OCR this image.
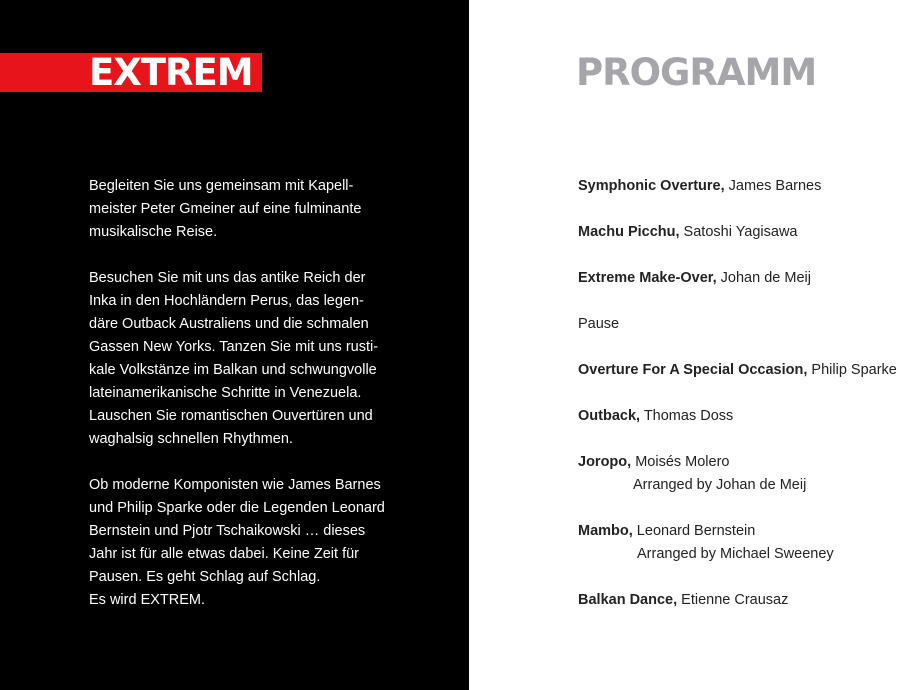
EXTREM

Begleiten Sie uns gemeinsam mit Kapell-
meister Peter Gmeiner auf eine fulminante
musikalische Reise.

Besuchen Sie mit uns das antike Reich der
Inka in den Hochländern Perus, das legen-
däre Outback Australiens und die schmalen
Gassen New Yorks. Tanzen Sie mit uns rusti-
kale Volkstänze im Balkan und schwungvolle
lateinamerikanische Schritte in Venezuela.
Lauschen Sie romantischen Ouvertüren und
waghalsig schnellen Rhythmen.

Ob moderne Komponisten wie James Barnes
und Philip Sparke oder die Legenden Leonard
Bernstein und Pjotr Tschaikowski … dieses
Jahr ist für alle etwas dabei. Keine Zeit für
Pausen. Es geht Schlag auf Schlag.
Es wird EXTREM.

PROGRAMM
Symphonic Overture, James Barnes
Machu Picchu, Satoshi Yagisawa
Extreme Make-Over, Johan de Meij
Pause
Overture For A Special Occasion, Philip Sparke
Outback, Thomas Doss
Joropo, Moisés Molero
Arranged by Johan de Meij
Mambo, Leonard Bernstein
Arranged by Michael Sweeney
Balkan Dance, Etienne Crausaz
